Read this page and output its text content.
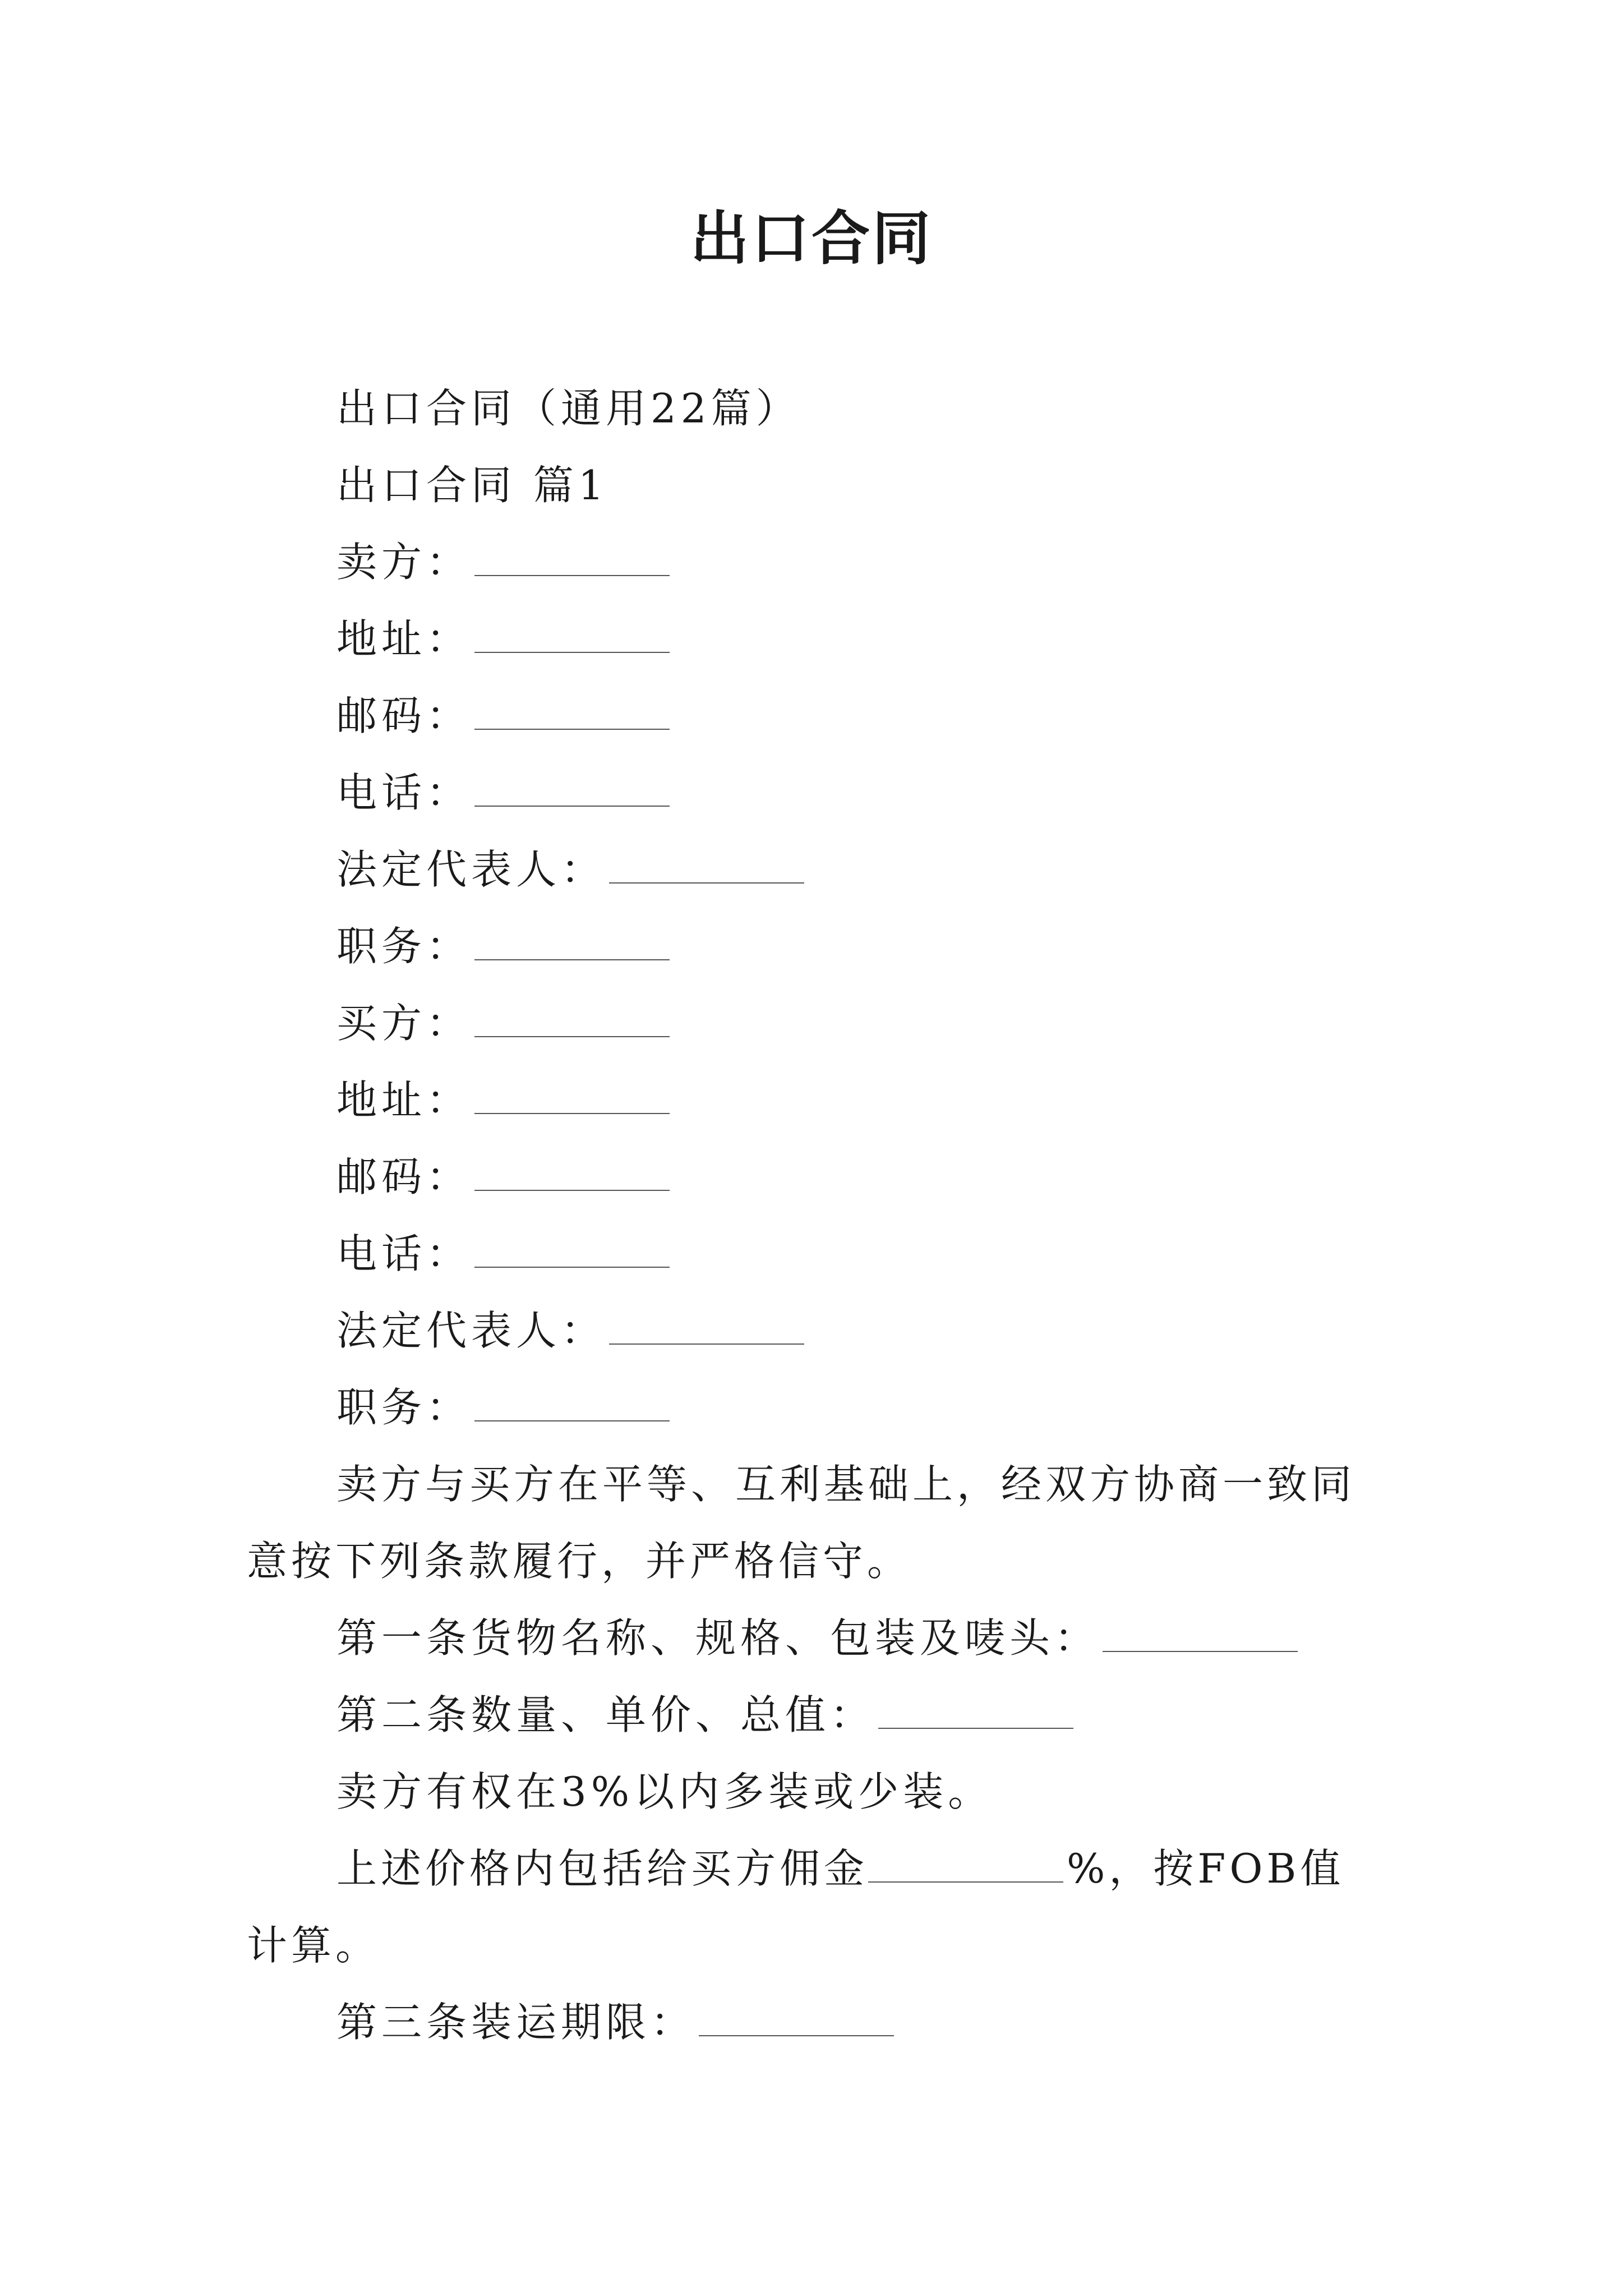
出口合同
出口合同（通用22篇）
出口合同 篇1
卖方：
地址：
邮码：
电话：
法定代表人：
职务：
买方：
地址：
邮码：
电话：
法定代表人：
职务：
卖方与买方在平等、互利基础上，经双方协商一致同意按下列条款履行，并严格信守。
第一条货物名称、规格、包装及唛头：
第二条数量、单价、总值：
卖方有权在3%以内多装或少装。
上述价格内包括给买方佣金	%，按FOB值计算。
第三条装运期限：
